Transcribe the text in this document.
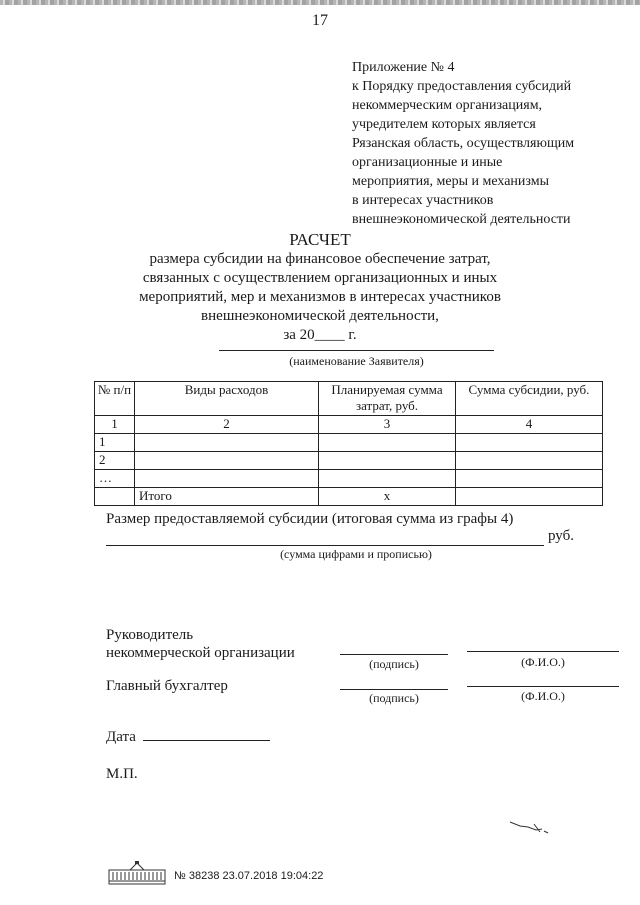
17
Приложение № 4
к Порядку предоставления субсидий
некоммерческим организациям,
учредителем которых является
Рязанская область, осуществляющим
организационные и иные
мероприятия, меры и механизмы
в интересах участников
внешнеэкономической деятельности
РАСЧЕТ
размера субсидии на финансовое обеспечение затрат,
связанных с осуществлением организационных и иных
мероприятий, мер и механизмов в интересах участников
внешнеэкономической деятельности,
за 20____ г.
(наименование Заявителя)
№ п/п	Виды расходов	Планируемая сумма затрат, руб.	Сумма субсидии, руб.
1	2	3	4
1			
2			
…			
	Итого	x	
Размер предоставляемой субсидии (итоговая сумма из графы 4)
руб.
(сумма цифрами и прописью)
Руководитель
некоммерческой организации
(подпись)	(Ф.И.О.)
Главный бухгалтер
(подпись)	(Ф.И.О.)
Дата
М.П.
№ 38238 23.07.2018 19:04:22
